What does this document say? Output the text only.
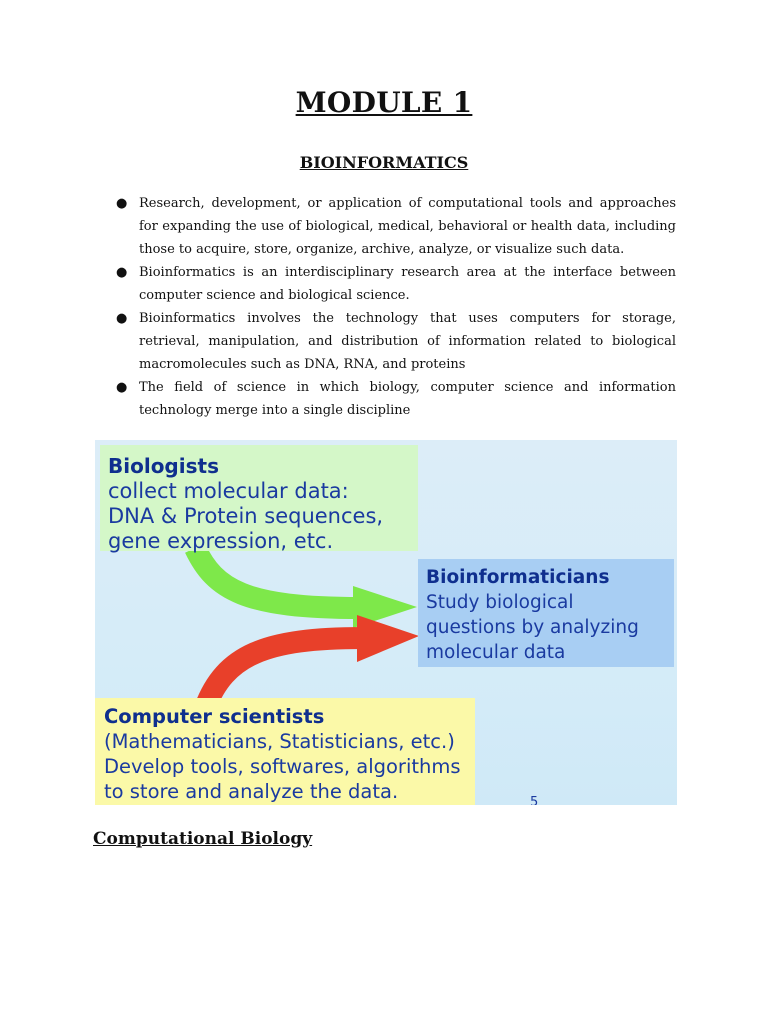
MODULE 1
BIOINFORMATICS
● Research, development, or application of computational tools and approaches for expanding the use of biological, medical, behavioral or health data, including those to acquire, store, organize, archive, analyze, or visualize such data.
● Bioinformatics is an interdisciplinary research area at the interface between computer science and biological science.
● Bioinformatics involves the technology that uses computers for storage, retrieval, manipulation, and distribution of information related to biological macromolecules such as DNA, RNA, and proteins
● The field of science in which biology, computer science and information technology merge into a single discipline
Biologists
collect molecular data:
DNA & Protein sequences,
gene expression, etc.
Bioinformaticians
Study biological
questions by analyzing
molecular data
Computer scientists
(Mathematicians, Statisticians, etc.)
Develop tools, softwares, algorithms
to store and analyze the data.	5
Computational Biology
